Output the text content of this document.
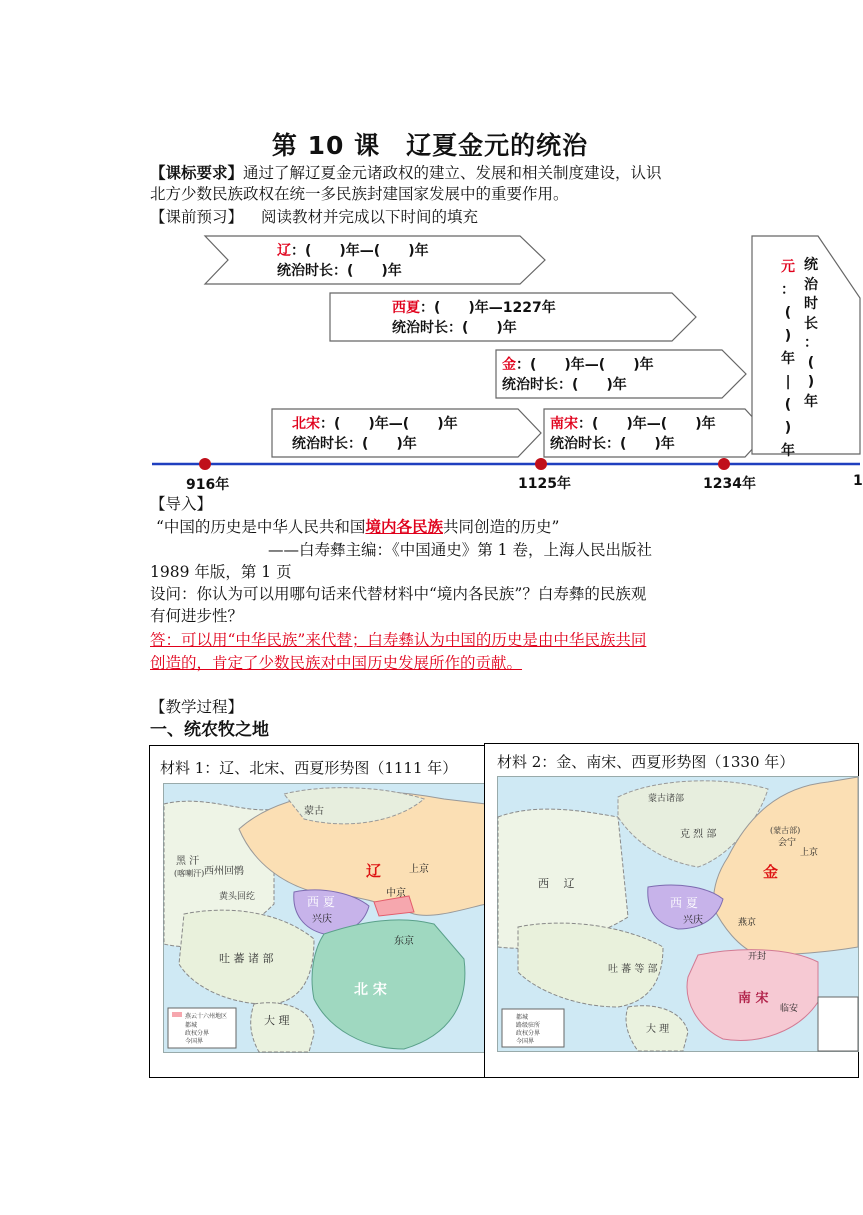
第 10 课　辽夏金元的统治
【课标要求】通过了解辽夏金元诸政权的建立、发展和相关制度建设，认识
北方少数民族政权在统一多民族封建国家发展中的重要作用。
【课前预习】 阅读教材并完成以下时间的填充
辽：(　　)年—(　　)年
统治时长：(　　)年
西夏：(　　)年—1227年
统治时长：(　　)年
金：(　　)年—(　　)年
统治时长：(　　)年
北宋：(　　)年—(　　)年
统治时长：(　　)年
南宋：(　　)年—(　　)年
统治时长：(　　)年
元
：
(
)
年
|
(
)
年
统
治
时
长
：
(
)
年
916年	1125年	1234年	1
【导入】
“中国的历史是中华人民共和国境内各民族共同创造的历史”
——白寿彝主编：《中国通史》第 1 卷，上海人民出版社
1989 年版，第 1 页
设问：你认为可以用哪句话来代替材料中“境内各民族”？白寿彝的民族观
有何进步性？
答：可以用“中华民族”来代替；白寿彝认为中国的历史是由中华民族共同
创造的，肯定了少数民族对中国历史发展所作的贡献。
【教学过程】
一、统农牧之地
材料 1：辽、北宋、西夏形势图（1111 年）
辽
西 夏
兴庆
北 宋
东京
中京
上京
吐 蕃 诸 部
大 理
西州回鹘
黑 汗
(喀喇汗)
黄头回纥
蒙古
燕云十六州地区
都城
政权分界
今国界
材料 2：金、南宋、西夏形势图（1330 年）
金
西 夏
兴庆
南 宋
西　 辽
克 烈 部
吐 蕃 等 部
大 理
会宁
上京
燕京
开封
临安
蒙古诸部
(蒙古部)
都城
路级驻所
政权分界
今国界
